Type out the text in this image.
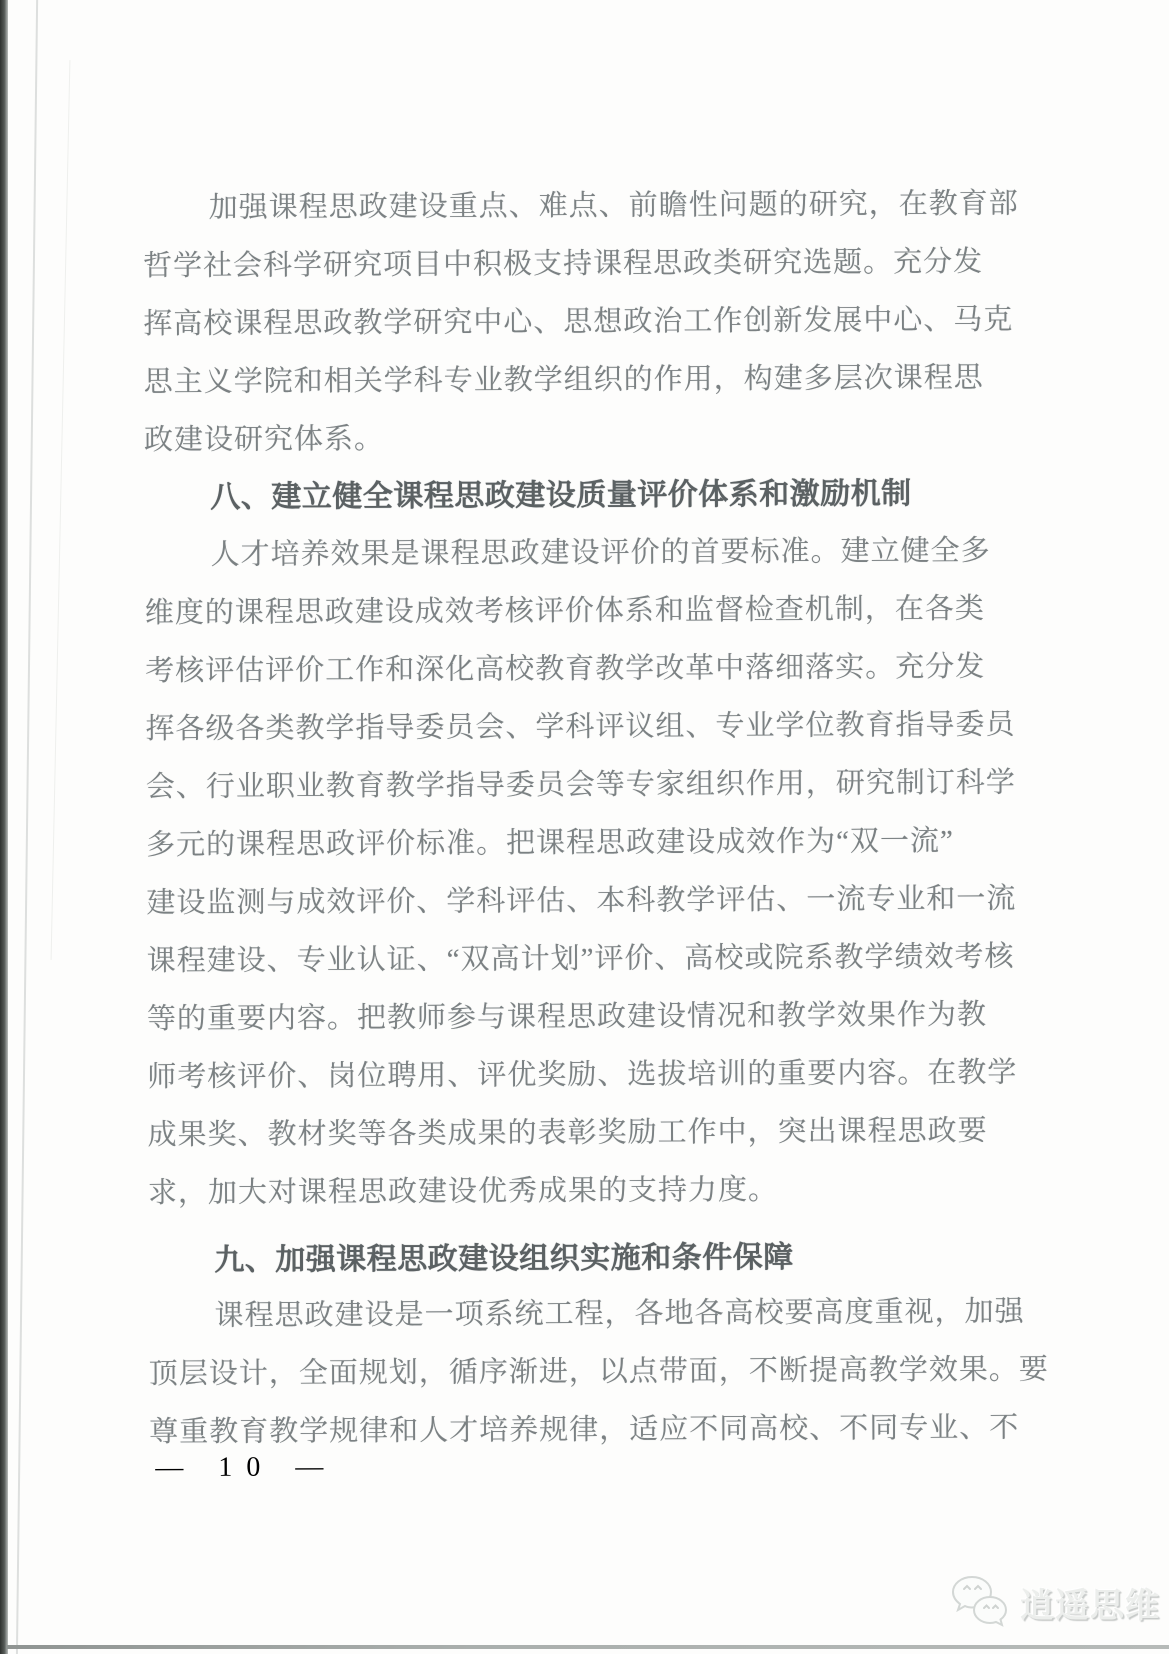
加强课程思政建设重点、难点、前瞻性问题的研究，在教育部
哲学社会科学研究项目中积极支持课程思政类研究选题。充分发
挥高校课程思政教学研究中心、思想政治工作创新发展中心、马克
思主义学院和相关学科专业教学组织的作用，构建多层次课程思
政建设研究体系。
八、建立健全课程思政建设质量评价体系和激励机制
人才培养效果是课程思政建设评价的首要标准。建立健全多
维度的课程思政建设成效考核评价体系和监督检查机制，在各类
考核评估评价工作和深化高校教育教学改革中落细落实。充分发
挥各级各类教学指导委员会、学科评议组、专业学位教育指导委员
会、行业职业教育教学指导委员会等专家组织作用，研究制订科学
多元的课程思政评价标准。把课程思政建设成效作为“双一流”
建设监测与成效评价、学科评估、本科教学评估、一流专业和一流
课程建设、专业认证、“双高计划”评价、高校或院系教学绩效考核
等的重要内容。把教师参与课程思政建设情况和教学效果作为教
师考核评价、岗位聘用、评优奖励、选拔培训的重要内容。在教学
成果奖、教材奖等各类成果的表彰奖励工作中，突出课程思政要
求，加大对课程思政建设优秀成果的支持力度。
九、加强课程思政建设组织实施和条件保障
课程思政建设是一项系统工程，各地各高校要高度重视，加强
顶层设计，全面规划，循序渐进，以点带面，不断提高教学效果。要
尊重教育教学规律和人才培养规律，适应不同高校、不同专业、不
— 10 —
逍遥思维
